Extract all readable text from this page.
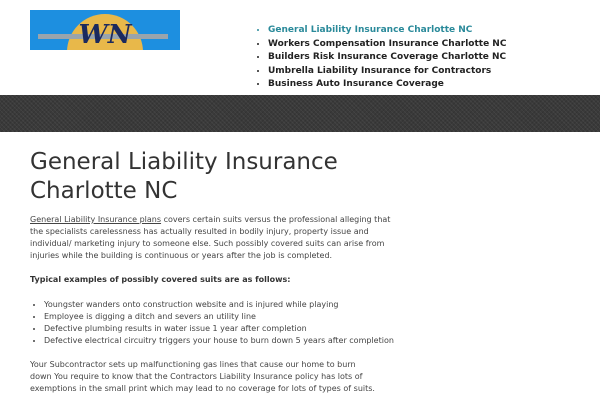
WN
•	General Liability Insurance Charlotte NC
• Workers Compensation Insurance Charlotte NC
• Builders Risk Insurance Coverage Charlotte NC
• Umbrella Liability Insurance for Contractors
• Business Auto Insurance Coverage
General Liability Insurance
Charlotte NC

General Liability Insurance plans covers certain suits versus the professional alleging that
the specialists carelessness has actually resulted in bodily injury, property issue and
individual/ marketing injury to someone else. Such possibly covered suits can arise from
injuries while the building is continuous or years after the job is completed.

Typical examples of possibly covered suits are as follows:

• Youngster wanders onto construction website and is injured while playing
• Employee is digging a ditch and severs an utility line
• Defective plumbing results in water issue 1 year after completion
• Defective electrical circuitry triggers your house to burn down 5 years after completion

Your Subcontractor sets up malfunctioning gas lines that cause our home to burn
down You require to know that the Contractors Liability Insurance policy has lots of
exemptions in the small print which may lead to no coverage for lots of types of suits.
